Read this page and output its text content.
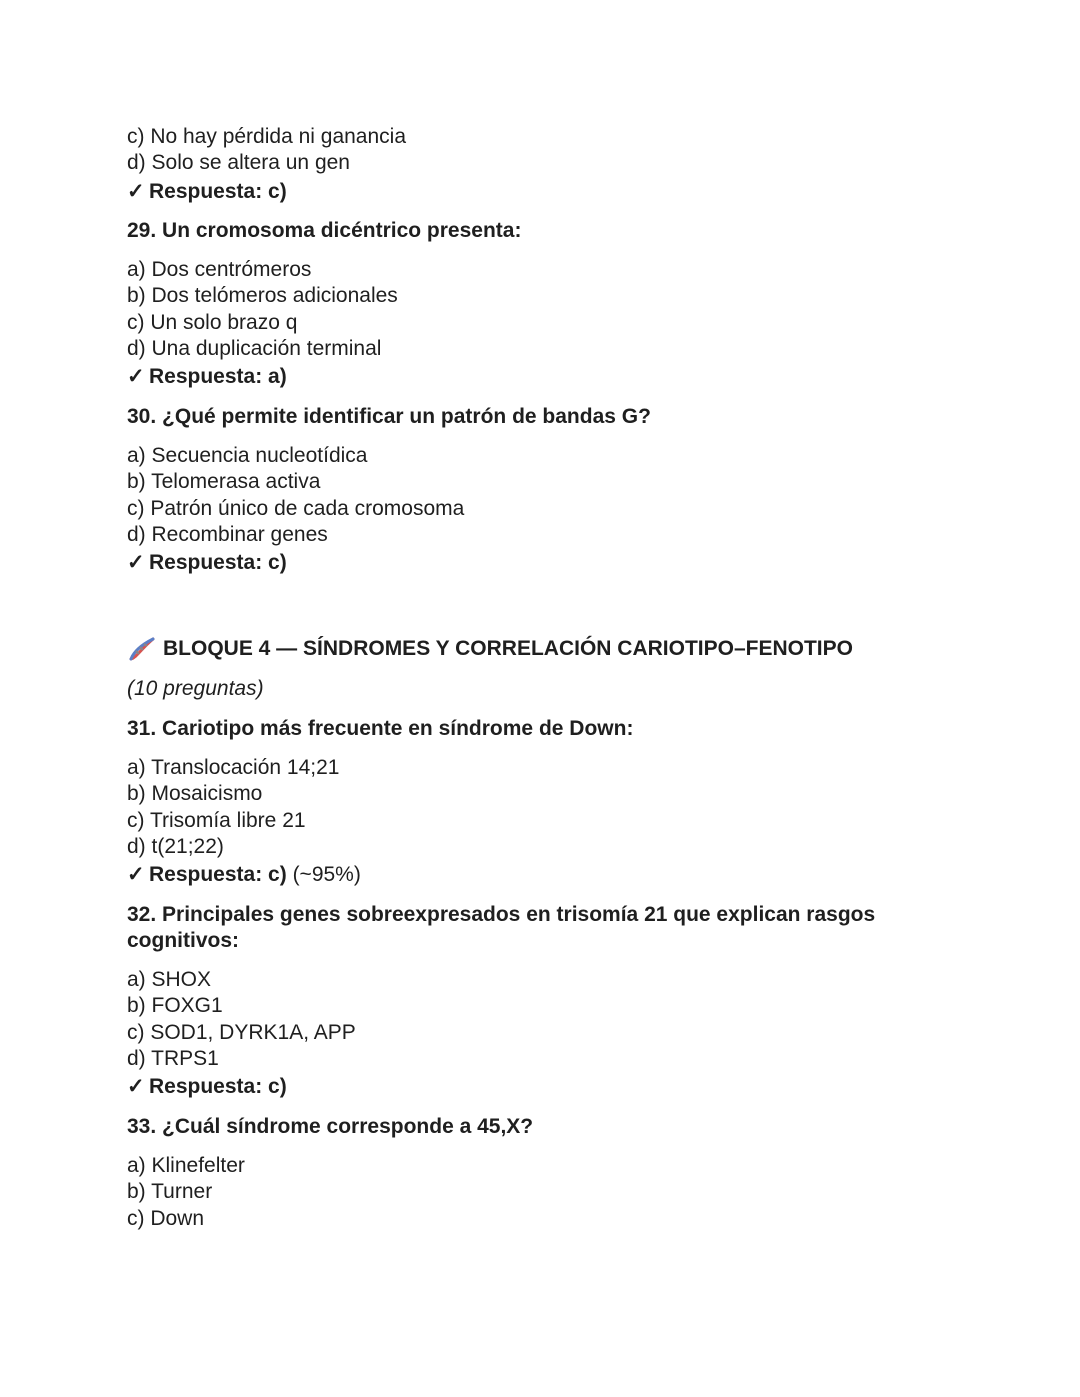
c) No hay pérdida ni ganancia
d) Solo se altera un gen
✓ Respuesta: c)
29. Un cromosoma dicéntrico presenta:
a) Dos centrómeros
b) Dos telómeros adicionales
c) Un solo brazo q
d) Una duplicación terminal
✓ Respuesta: a)
30. ¿Qué permite identificar un patrón de bandas G?
a) Secuencia nucleotídica
b) Telomerasa activa
c) Patrón único de cada cromosoma
d) Recombinar genes
✓ Respuesta: c)
BLOQUE 4 — SÍNDROMES Y CORRELACIÓN CARIOTIPO–FENOTIPO
(10 preguntas)
31. Cariotipo más frecuente en síndrome de Down:
a) Translocación 14;21
b) Mosaicismo
c) Trisomía libre 21
d) t(21;22)
✓ Respuesta: c) (~95%)
32. Principales genes sobreexpresados en trisomía 21 que explican rasgos cognitivos:
a) SHOX
b) FOXG1
c) SOD1, DYRK1A, APP
d) TRPS1
✓ Respuesta: c)
33. ¿Cuál síndrome corresponde a 45,X?
a) Klinefelter
b) Turner
c) Down
